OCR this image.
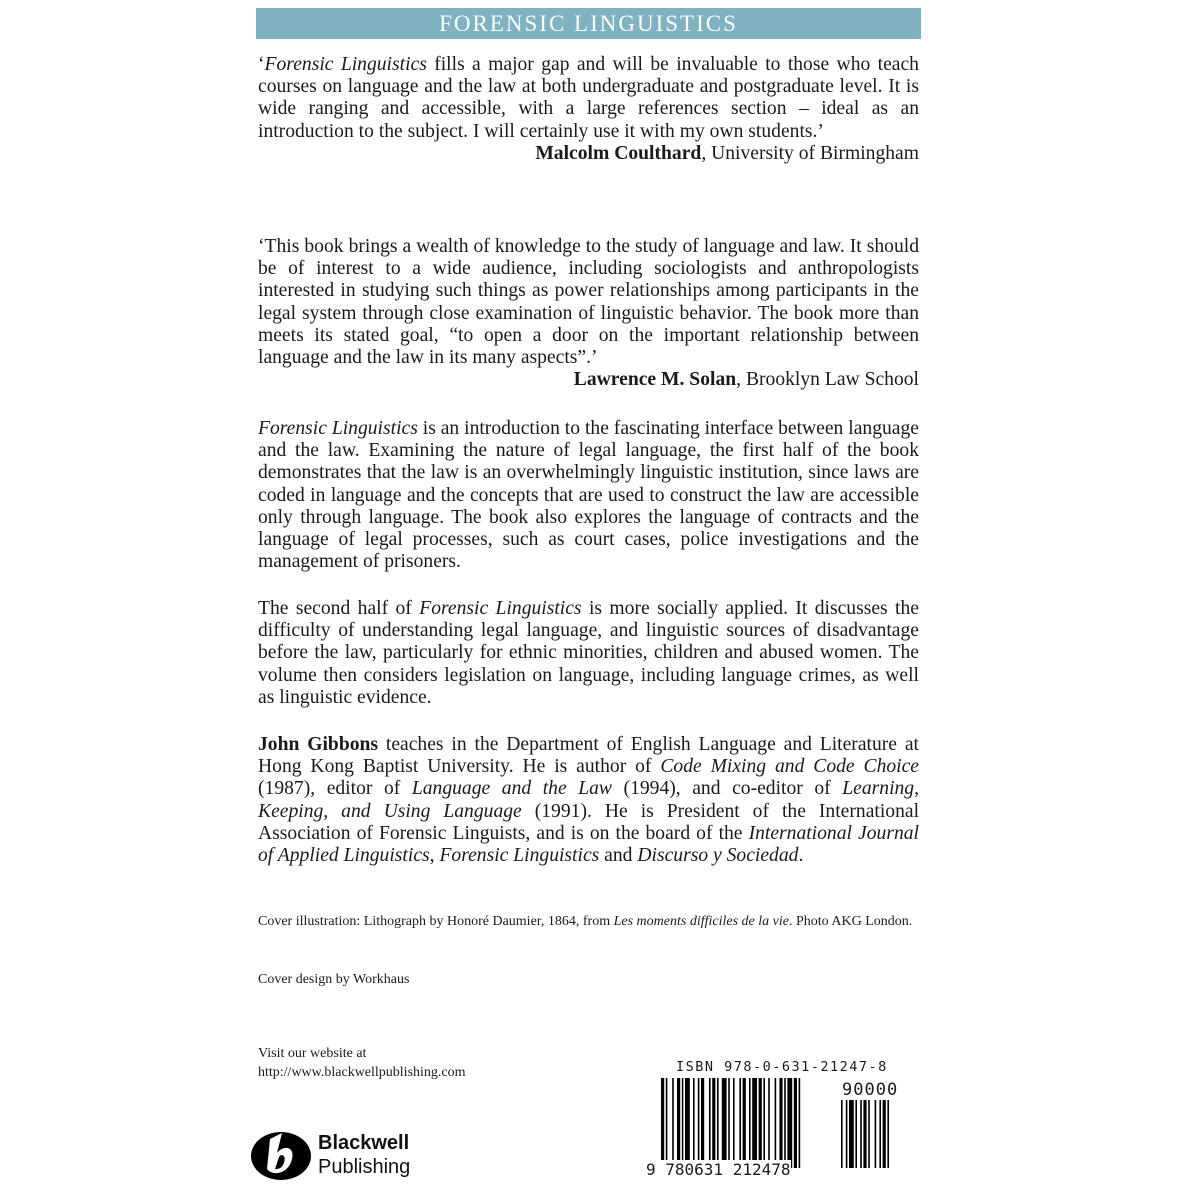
FORENSIC LINGUISTICS

‘Forensic Linguistics fills a major gap and will be invaluable to those who teach courses on language and the law at both undergraduate and postgraduate level. It is wide ranging and accessible, with a large references section – ideal as an introduction to the subject. I will certainly use it with my own students.’

Malcolm Coulthard, University of Birmingham

‘This book brings a wealth of knowledge to the study of language and law. It should be of interest to a wide audience, including sociologists and anthropologists interested in studying such things as power relationships among participants in the legal system through close examination of linguistic behavior. The book more than meets its stated goal, “to open a door on the important relationship between language and the law in its many aspects”.’

Lawrence M. Solan, Brooklyn Law School

Forensic Linguistics is an introduction to the fascinating interface between language and the law. Examining the nature of legal language, the first half of the book demonstrates that the law is an overwhelmingly linguistic institution, since laws are coded in language and the concepts that are used to construct the law are accessible only through language. The book also explores the language of contracts and the language of legal processes, such as court cases, police investigations and the management of prisoners.

The second half of Forensic Linguistics is more socially applied. It discusses the difficulty of understanding legal language, and linguistic sources of disadvantage before the law, particularly for ethnic minorities, children and abused women. The volume then considers legislation on language, including language crimes, as well as linguistic evidence.

John Gibbons teaches in the Department of English Language and Literature at Hong Kong Baptist University. He is author of Code Mixing and Code Choice (1987), editor of Language and the Law (1994), and co-editor of Learning, Keeping, and Using Language (1991). He is President of the International Association of Forensic Linguists, and is on the board of the International Journal of Applied Linguistics, Forensic Linguistics and Discurso y Sociedad.

Cover illustration: Lithograph by Honoré Daumier, 1864, from Les moments difficiles de la vie. Photo AKG London.

Cover design by Workhaus

Visit our website at
http://www.blackwellpublishing.com
Blackwell
Publishing
ISBN 978-0-631-21247-8
90000
9 780631 212478
